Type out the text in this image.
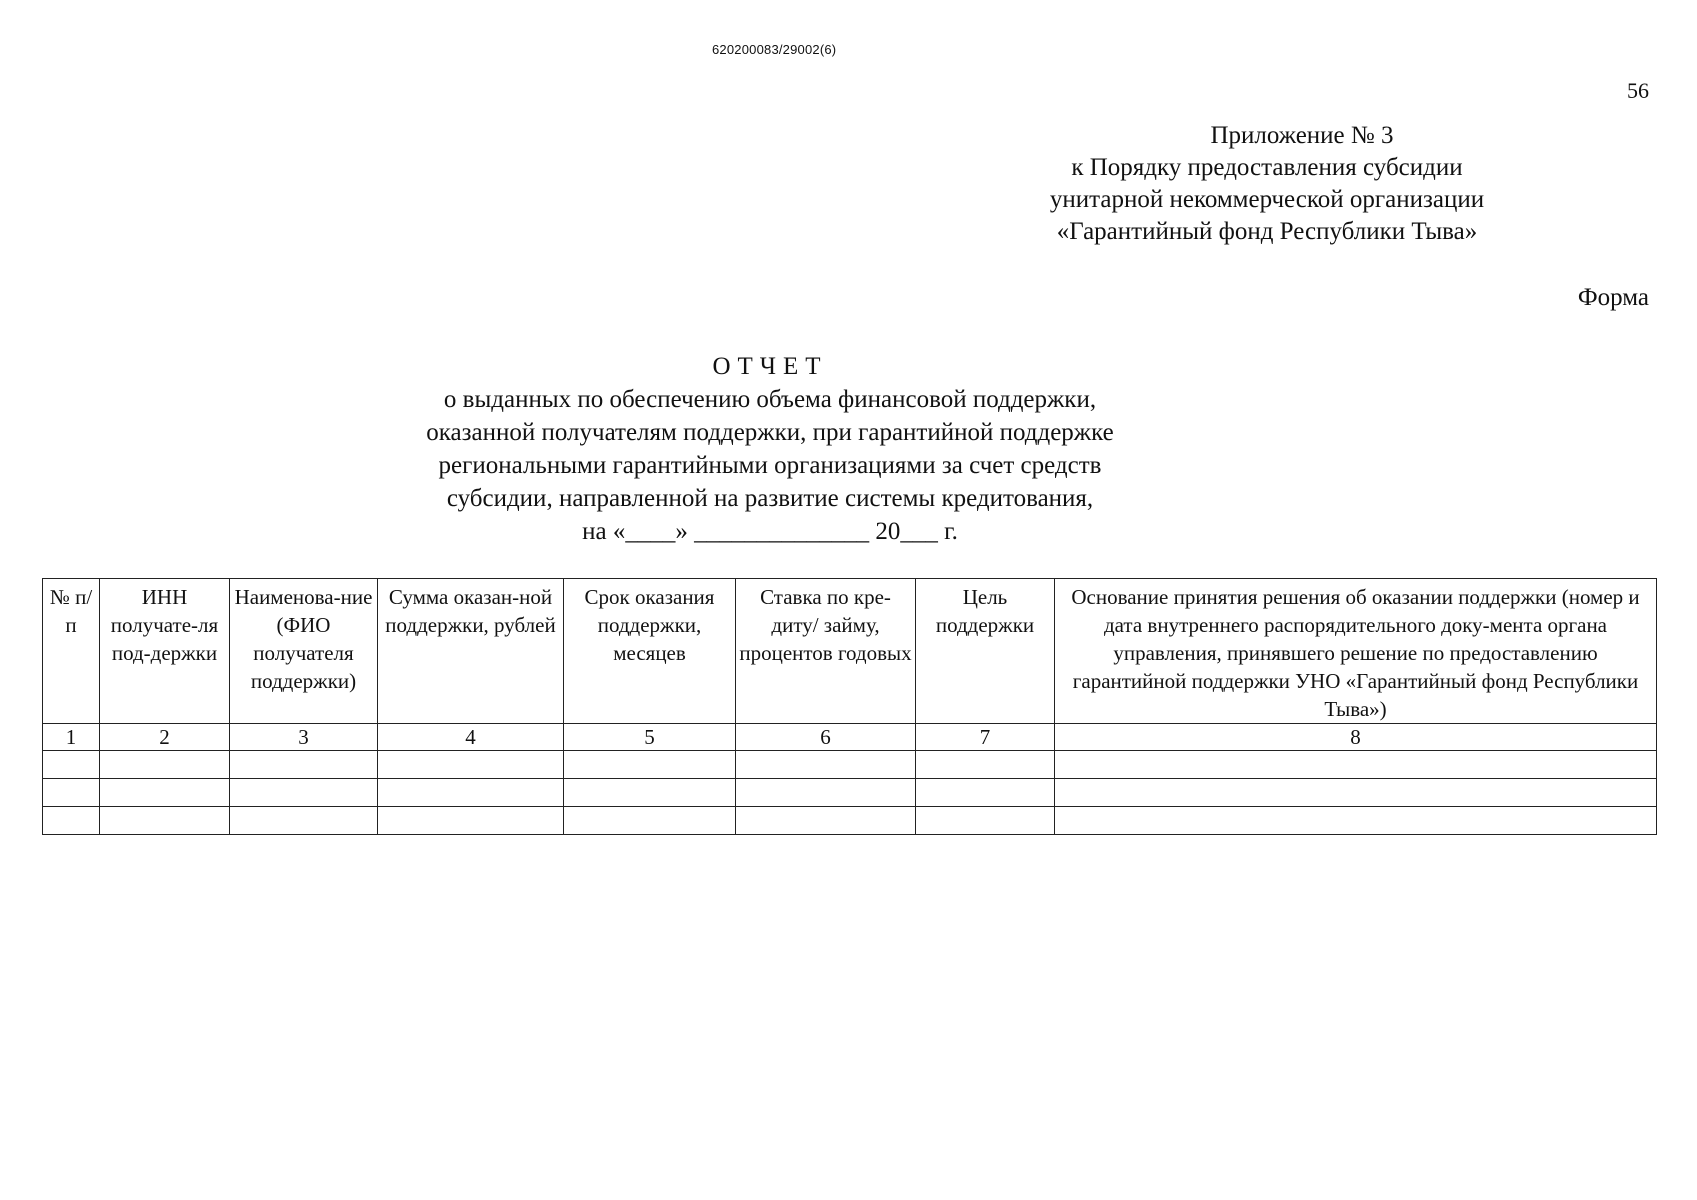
620200083/29002(6)
56
Приложение № 3
к Порядку предоставления субсидии
унитарной некоммерческой организации
«Гарантийный фонд Республики Тыва»
Форма
ОТЧЕТ
о выданных по обеспечению объема финансовой поддержки,
оказанной получателям поддержки, при гарантийной поддержке
региональными гарантийными организациями за счет средств
субсидии, направленной на развитие системы кредитования,
на «____» ______________ 20___ г.
№ п/п	ИНН получате-ля под-держки	Наименова-ние (ФИО получателя поддержки)	Сумма оказан-ной поддержки, рублей	Срок оказания поддержки, месяцев	Ставка по кре-диту/ займу, процентов годовых	Цель поддержки	Основание принятия решения об оказании поддержки (номер и дата внутреннего распорядительного доку-мента органа управления, принявшего решение по предоставлению гарантийной поддержки УНО «Гарантийный фонд Республики Тыва»)
1	2	3	4	5	6	7	8
